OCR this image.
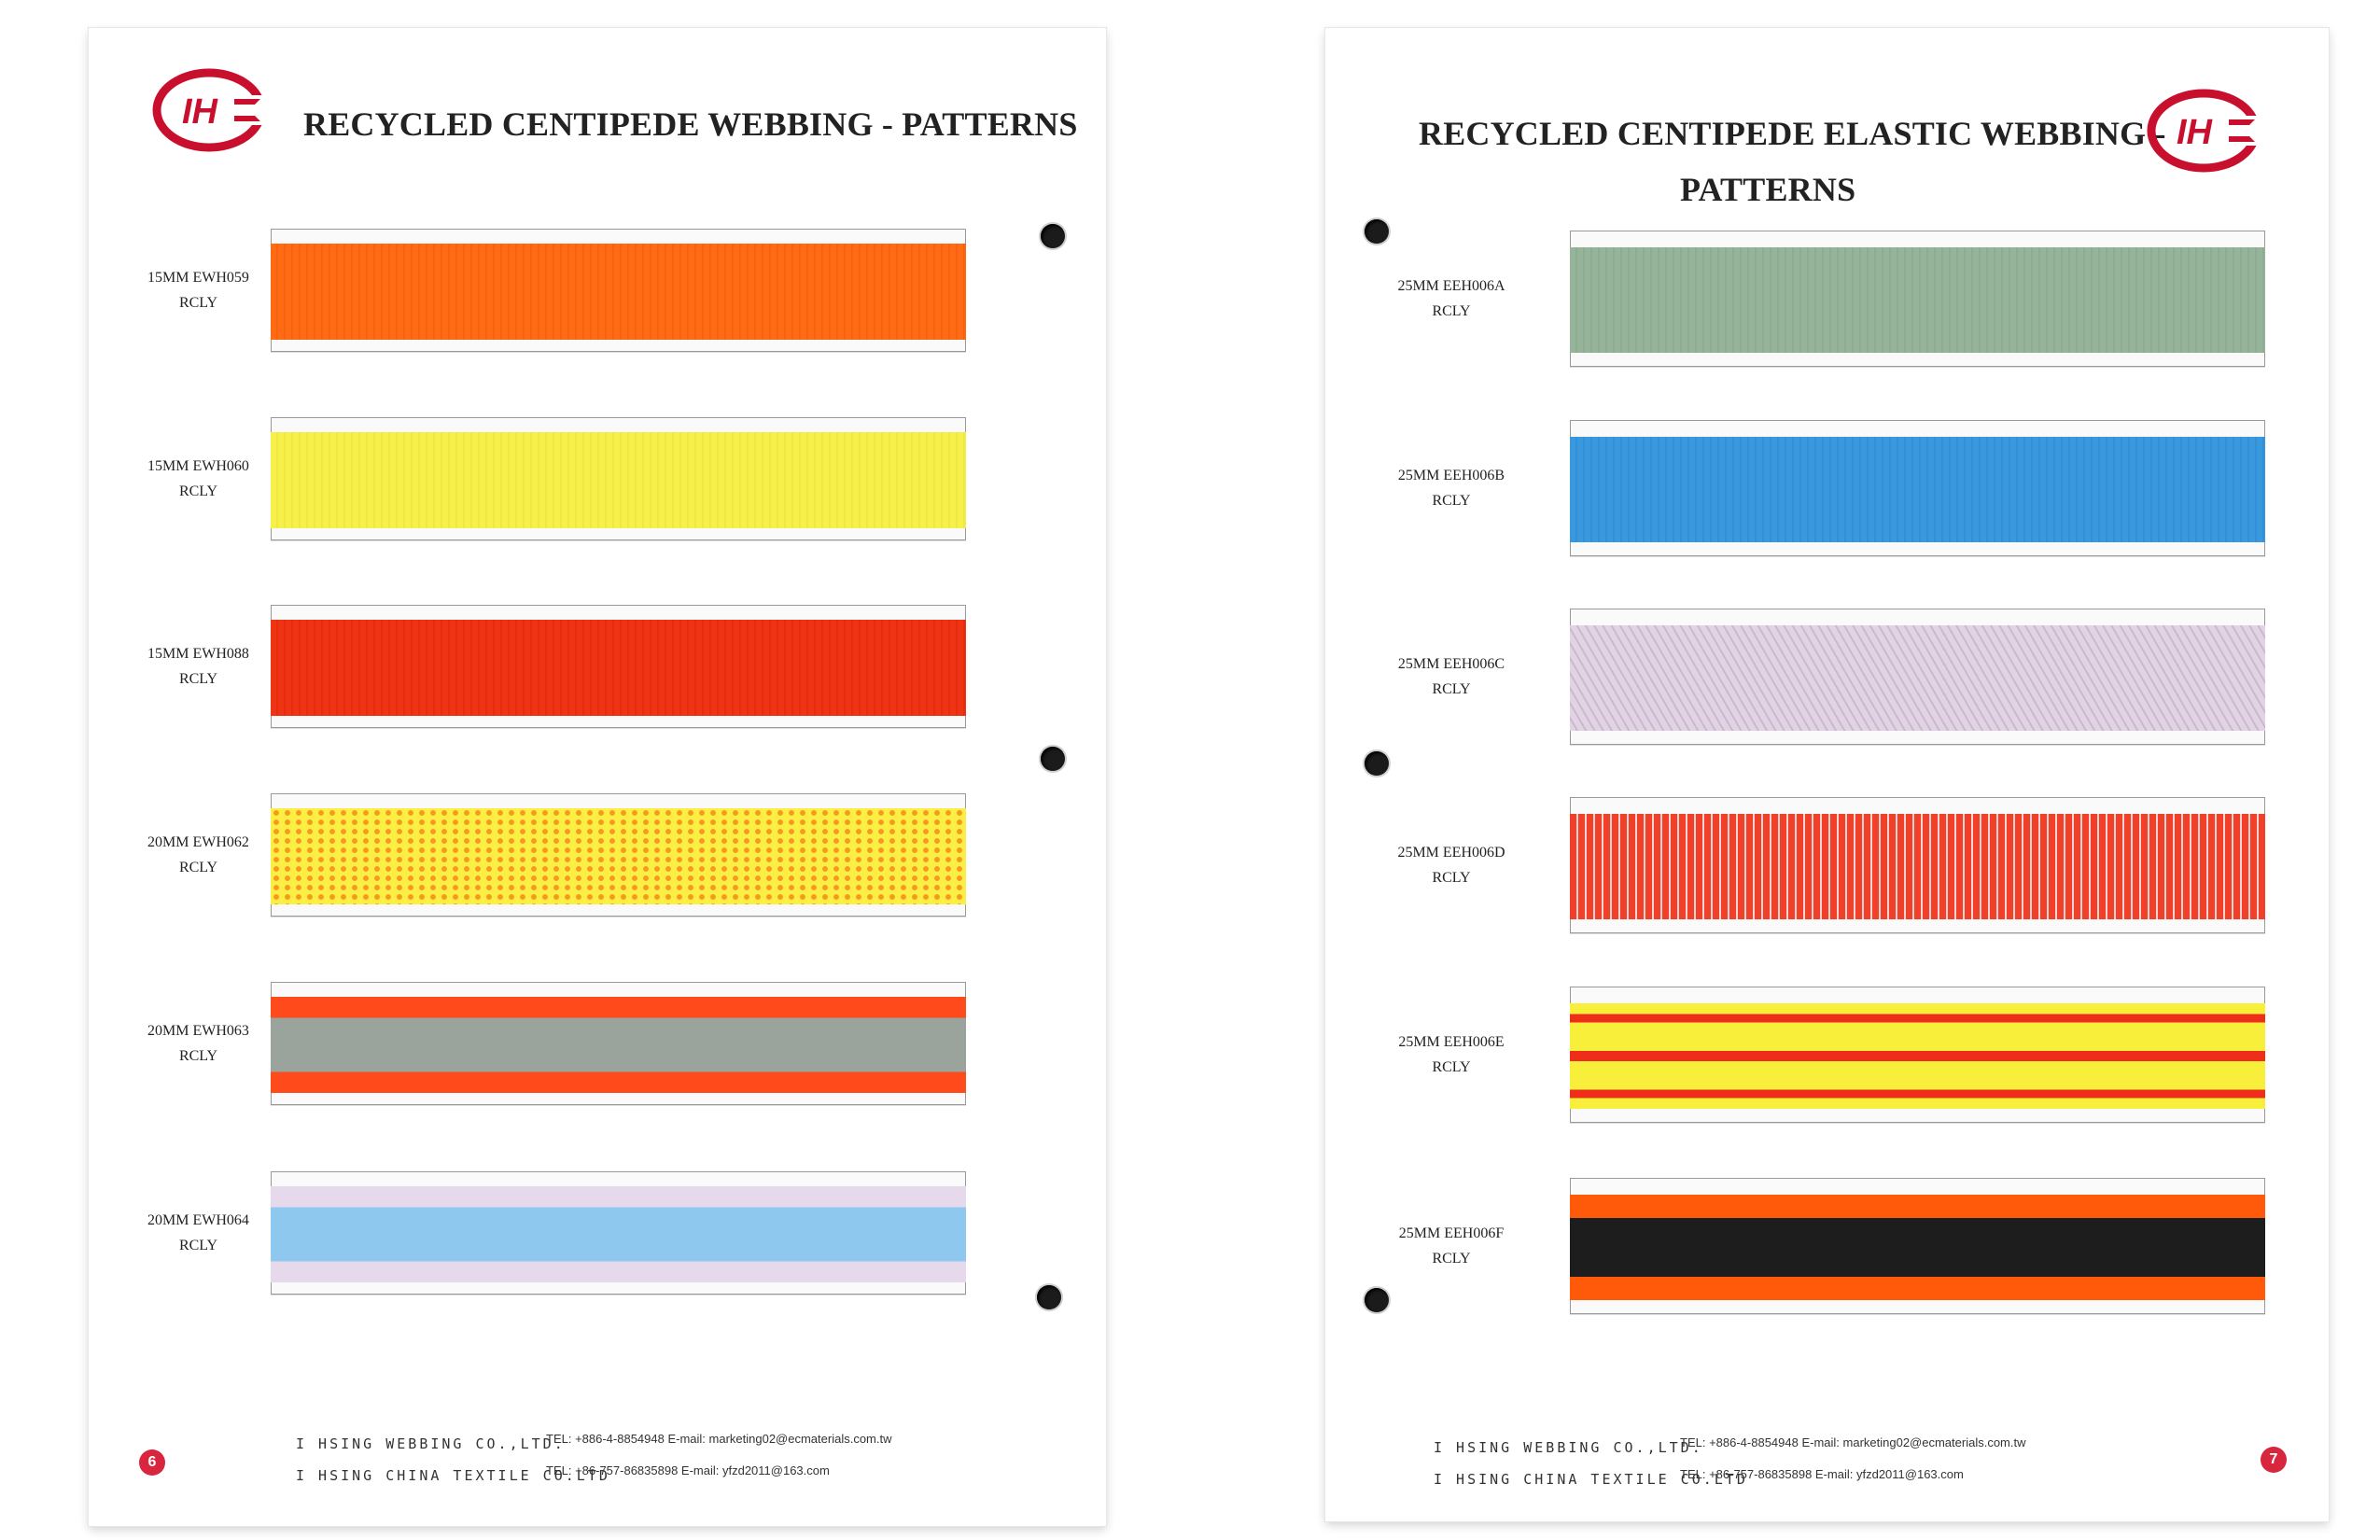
IH	RECYCLED CENTIPEDE WEBBING - PATTERNS
15MM EWH059
RCLY
15MM EWH060
RCLY
15MM EWH088
RCLY
20MM EWH062
RCLY
20MM EWH063
RCLY
20MM EWH064
RCLY
I HSING WEBBING CO.,LTD.
I HSING CHINA TEXTILE CO.LTD
TEL: +886-4-8854948 E-mail: marketing02@ecmaterials.com.tw
TEL: +86-757-86835898 E-mail: yfzd2011@163.com
6
RECYCLED CENTIPEDE ELASTIC WEBBING -
PATTERNS
IH
25MM EEH006A
RCLY
25MM EEH006B
RCLY
25MM EEH006C
RCLY
25MM EEH006D
RCLY
25MM EEH006E
RCLY
25MM EEH006F
RCLY
I HSING WEBBING CO.,LTD.
I HSING CHINA TEXTILE CO.LTD
TEL: +886-4-8854948 E-mail: marketing02@ecmaterials.com.tw
TEL: +86-757-86835898 E-mail: yfzd2011@163.com
7
